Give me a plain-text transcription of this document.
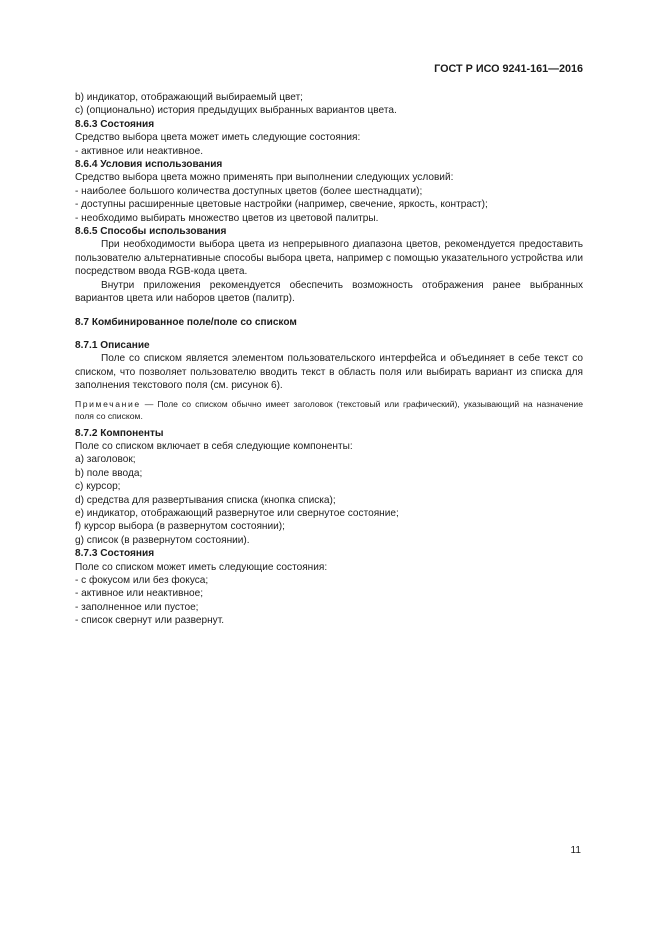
ГОСТ Р ИСО 9241-161—2016

b) индикатор, отображающий выбираемый цвет;

c) (опционально) история предыдущих выбранных вариантов цвета.

8.6.3 Состояния

Средство выбора цвета может иметь следующие состояния:

- активное или неактивное.

8.6.4 Условия использования

Средство выбора цвета можно применять при выполнении следующих условий:

- наиболее большого количества доступных цветов (более шестнадцати);

- доступны расширенные цветовые настройки (например, свечение, яркость, контраст);

- необходимо выбирать множество цветов из цветовой палитры.

8.6.5 Способы использования

При необходимости выбора цвета из непрерывного диапазона цветов, рекомендуется предоставить пользователю альтернативные способы выбора цвета, например с помощью указательного устройства или посредством ввода RGB-кода цвета.

Внутри приложения рекомендуется обеспечить возможность отображения ранее выбранных вариантов цвета или наборов цветов (палитр).

8.7 Комбинированное поле/поле со списком

8.7.1 Описание

Поле со списком является элементом пользовательского интерфейса и объединяет в себе текст со списком, что позволяет пользователю вводить текст в область поля или выбирать вариант из списка для заполнения текстового поля (см. рисунок 6).

Примечание — Поле со списком обычно имеет заголовок (текстовый или графический), указывающий на назначение поля со списком.

8.7.2 Компоненты

Поле со списком включает в себя следующие компоненты:

a) заголовок;

b) поле ввода;

c) курсор;

d) средства для развертывания списка (кнопка списка);

e) индикатор, отображающий развернутое или свернутое состояние;

f) курсор выбора (в развернутом состоянии);

g) список (в развернутом состоянии).

8.7.3 Состояния

Поле со списком может иметь следующие состояния:

- с фокусом или без фокуса;

- активное или неактивное;

- заполненное или пустое;

- список свернут или развернут.

11
